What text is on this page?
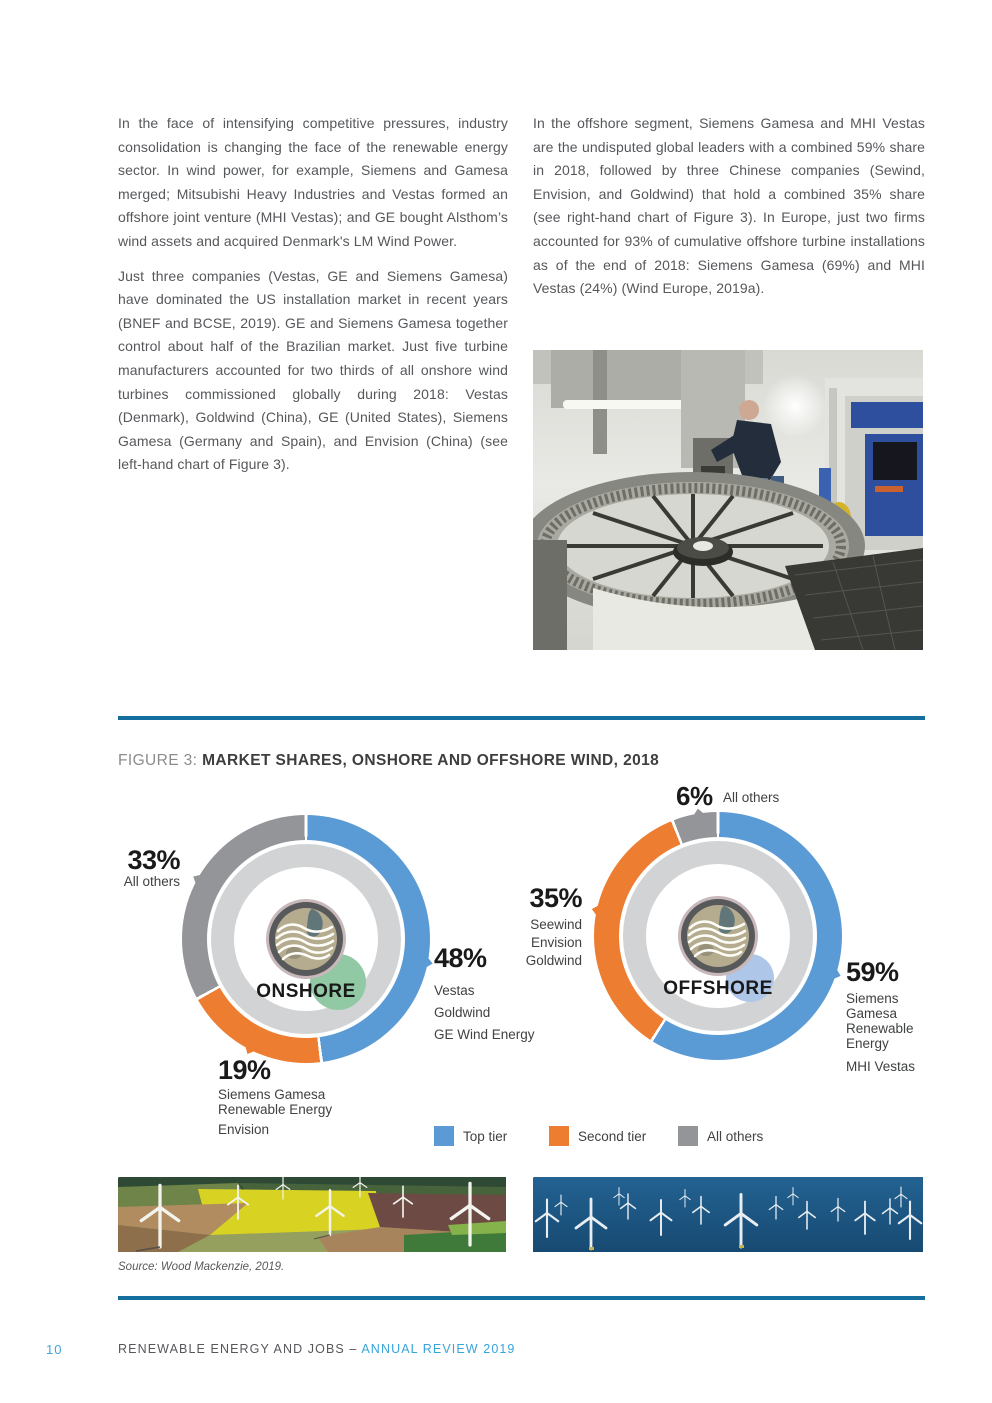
In the face of intensifying competitive pressures, industry consolidation is changing the face of the renewable energy sector. In wind power, for example, Siemens and Gamesa merged; Mitsubishi Heavy Industries and Vestas formed an offshore joint venture (MHI Vestas); and GE bought Alsthom’s wind assets and acquired Denmark's LM Wind Power.

Just three companies (Vestas, GE and Siemens Gamesa) have dominated the US installation market in recent years (BNEF and BCSE, 2019). GE and Siemens Gamesa together control about half of the Brazilian market. Just five turbine manufacturers accounted for two thirds of all onshore wind turbines commissioned globally during 2018: Vestas (Denmark), Goldwind (China), GE (United States), Siemens Gamesa (Germany and Spain), and Envision (China) (see left-hand chart of Figure 3).

In the offshore segment, Siemens Gamesa and MHI Vestas are the undisputed global leaders with a combined 59% share in 2018, followed by three Chinese companies (Sewind, Envision, and Goldwind) that hold a combined 35% share (see right-hand chart of Figure 3). In Europe, just two firms accounted for 93% of cumulative offshore turbine installations as of the end of 2018: Siemens Gamesa (69%) and MHI Vestas (24%) (Wind Europe, 2019a).

FIGURE 3: MARKET SHARES, ONSHORE AND OFFSHORE WIND, 2018
ONSHORE	OFFSHORE
33%
All others
48%
Vestas
Goldwind
GE Wind Energy
19%
Siemens Gamesa
Renewable Energy
Envision
6% All others
35%
Seewind
Envision
Goldwind	59%
Siemens
Gamesa
Renewable
Energy
MHI Vestas
Top tier	Second tier	All others
Source: Wood Mackenzie, 2019.
10	RENEWABLE ENERGY AND JOBS – ANNUAL REVIEW 2019
